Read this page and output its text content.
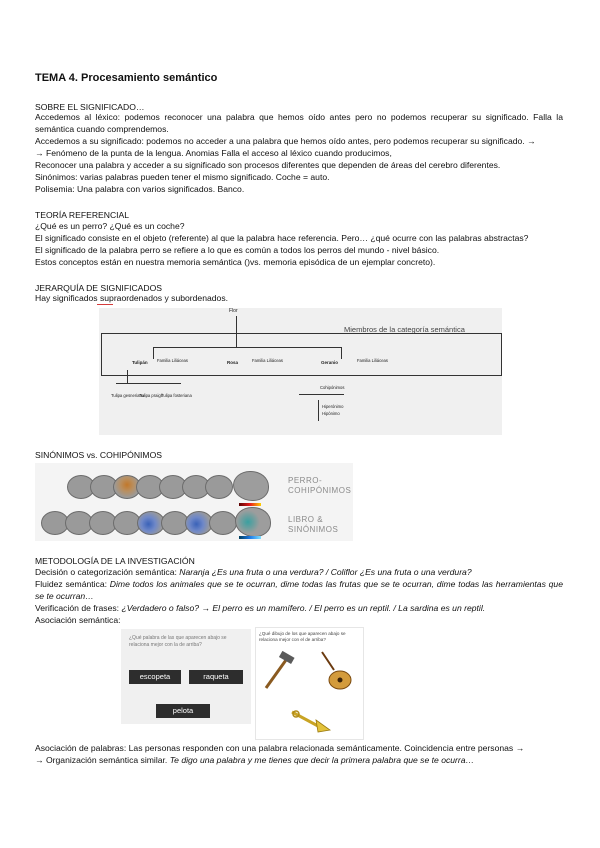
TEMA 4. Procesamiento semántico
SOBRE EL SIGNIFICADO…
Accedemos al léxico: podemos reconocer una palabra que hemos oído antes pero no podemos recuperar su significado. Falla la semántica cuando comprendemos.
Accedemos a su significado: podemos no acceder a una palabra que hemos oído antes, pero podemos recuperar su significado. →
→ Fenómeno de la punta de la lengua. Anomias Falla el acceso al léxico cuando producimos,
Reconocer una palabra y acceder a su significado son procesos diferentes que dependen de áreas del cerebro diferentes.
Sinónimos: varias palabras pueden tener el mismo significado. Coche = auto.
Polisemia: Una palabra con varios significados. Banco.
TEORÍA REFERENCIAL
¿Qué es un perro? ¿Qué es un coche?
El significado consiste en el objeto (referente) al que la palabra hace referencia. Pero… ¿qué ocurre con las palabras abstractas?
El significado de la palabra perro se refiere a lo que es común a todos los perros del mundo - nivel básico.
Estos conceptos están en nuestra memoria semántica ()vs. memoria episódica de un ejemplar concreto).
JERARQUÍA DE SIGNIFICADOS
Hay significados supraordenados y subordenados.
Flor
Miembros de la categoría semántica
Tulipán Familia Liliáceas	Rosa	Familia Liliáceas	Geranio	Familia Liliáceas
Tulipa gesneriana
Tulipa praigil
Tulipa fosteriana
Cohipónimos
Hiperónimo
Hipónimo
SINÓNIMOS vs. COHIPÓNIMOS
PERRO-
COHIPÓNIMOS
LIBRO &
SINÓNIMOS
METODOLOGÍA DE LA INVESTIGACIÓN
Decisión o categorización semántica: Naranja ¿Es una fruta o una verdura? / Coliflor ¿Es una fruta o una verdura?
Fluidez semántica: Dime todos los animales que se te ocurran, dime todas las frutas que se te ocurran, dime todas las herramientas que se te ocurran…
Verificación de frases: ¿Verdadero o falso? → El perro es un mamífero. / El perro es un reptil. / La sardina es un reptil.
Asociación semántica:
¿Qué palabra de las que aparecen abajo se
relaciona mejor con la de arriba?
escopeta	raqueta
pelota
¿Qué dibujo de los que aparecen abajo se
relaciona mejor con el de arriba?
Asociación de palabras: Las personas responden con una palabra relacionada semánticamente. Coincidencia entre personas →
→ Organización semántica similar. Te digo una palabra y me tienes que decir la primera palabra que se te ocurra…
